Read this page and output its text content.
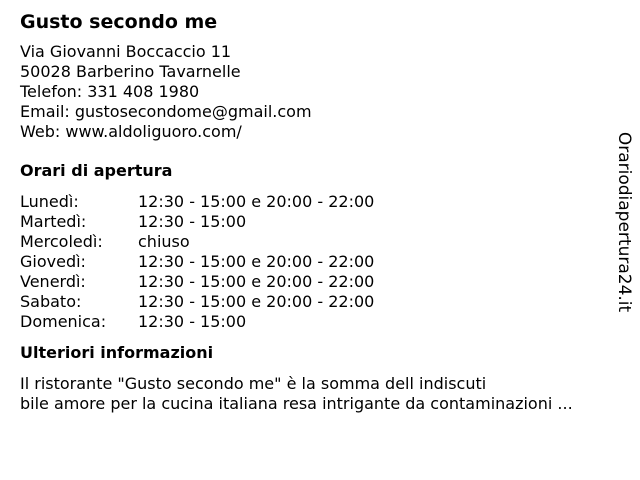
Gusto secondo me
Via Giovanni Boccaccio 11
50028 Barberino Tavarnelle
Telefon: 331 408 1980
Email: gustosecondome@gmail.com
Web: www.aldoliguoro.com/
Orari di apertura
Lunedì:	12:30 - 15:00 e 20:00 - 22:00
Martedì:	12:30 - 15:00
Mercoledì:	chiuso
Giovedì:	12:30 - 15:00 e 20:00 - 22:00
Venerdì:	12:30 - 15:00 e 20:00 - 22:00
Sabato:	12:30 - 15:00 e 20:00 - 22:00
Domenica:	12:30 - 15:00
Ulteriori informazioni
Il ristorante "Gusto secondo me" è la somma dell indiscuti
bile amore per la cucina italiana resa intrigante da contaminazioni ...
Orariodiapertura24.it
